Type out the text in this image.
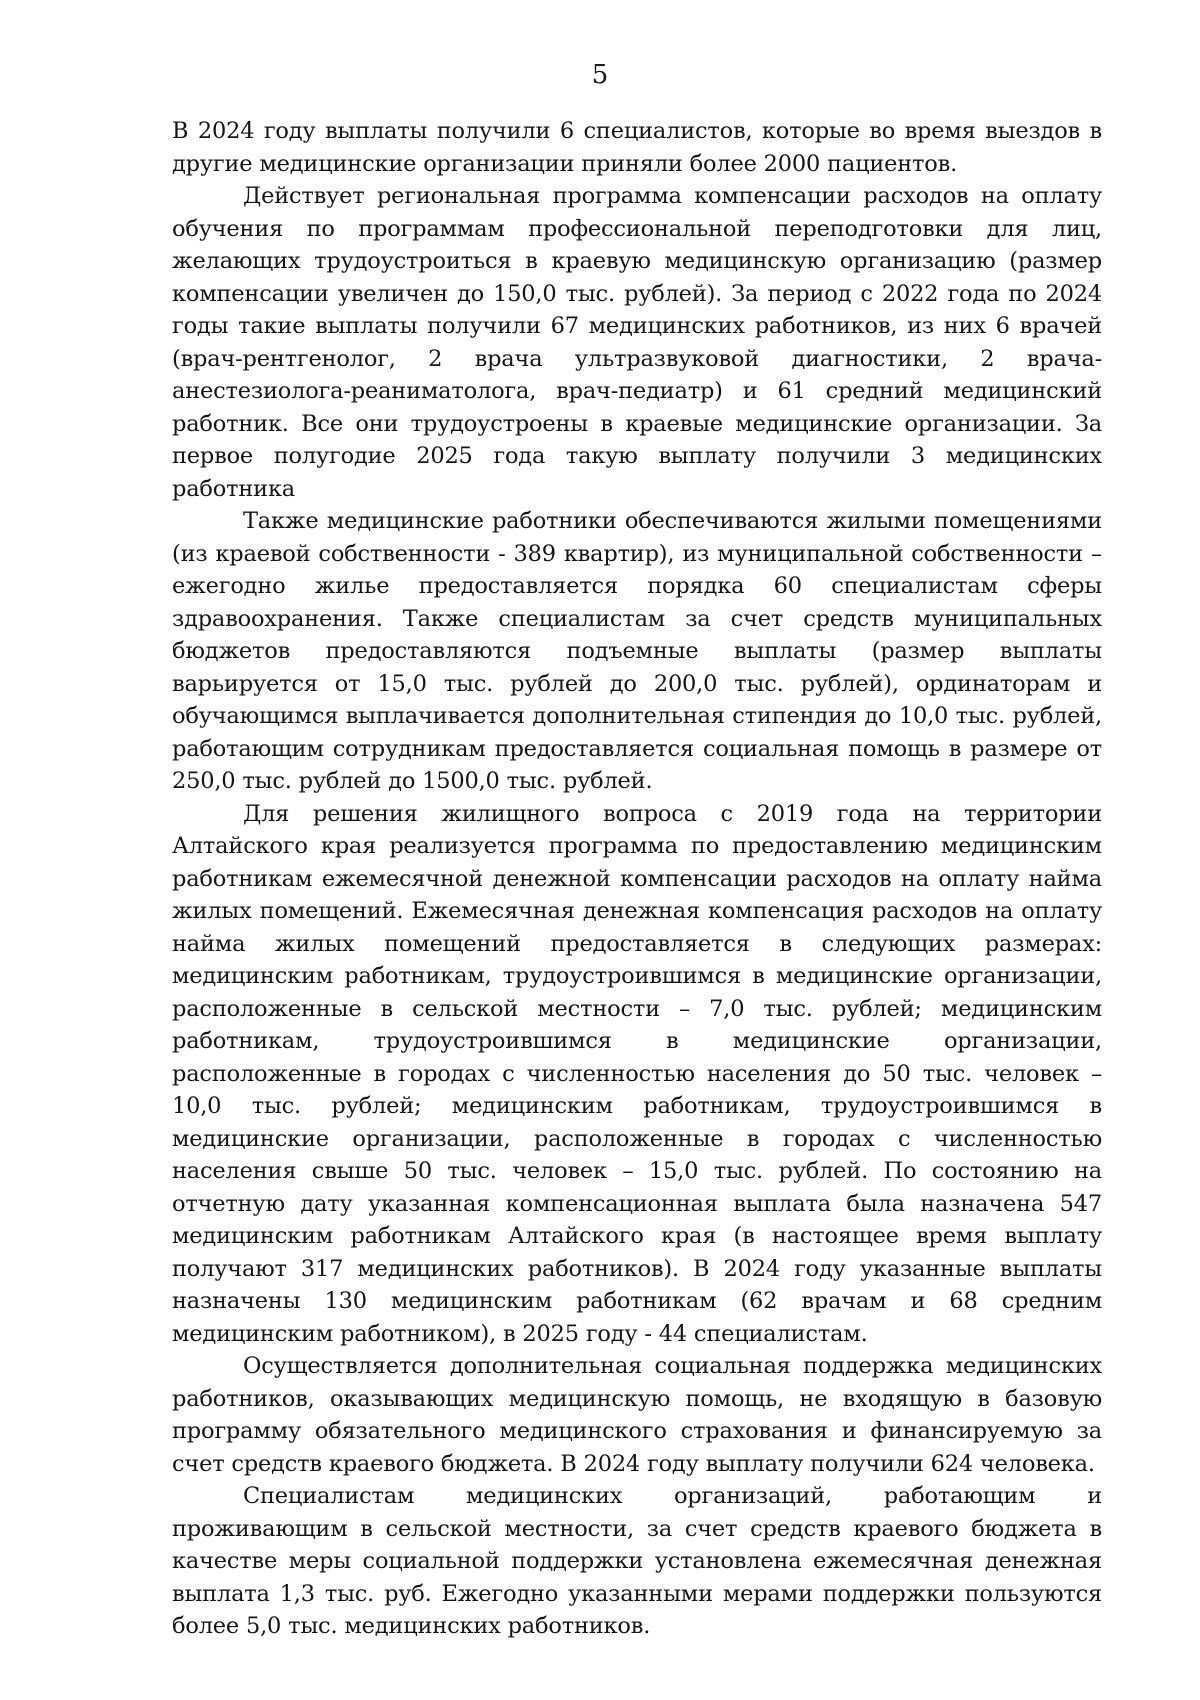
5

В 2024 году выплаты получили 6 специалистов, которые во время выездов в другие медицинские организации приняли более 2000 пациентов.

Действует региональная программа компенсации расходов на оплату обучения по программам профессиональной переподготовки для лиц, желающих трудоустроиться в краевую медицинскую организацию (размер компенсации увеличен до 150,0 тыс. рублей). За период с 2022 года по 2024 годы такие выплаты получили 67 медицинских работников, из них 6 врачей (врач-рентгенолог, 2 врача ультразвуковой диагностики, 2 врача-анестезиолога-реаниматолога, врач-педиатр) и 61 средний медицинский работник. Все они трудоустроены в краевые медицинские организации. За первое полугодие 2025 года такую выплату получили 3 медицинских работника

Также медицинские работники обеспечиваются жилыми помещениями (из краевой собственности - 389 квартир), из муниципальной собственности – ежегодно жилье предоставляется порядка 60 специалистам сферы здравоохранения. Также специалистам за счет средств муниципальных бюджетов предоставляются подъемные выплаты (размер выплаты варьируется от 15,0 тыс. рублей до 200,0 тыс. рублей), ординаторам и обучающимся выплачивается дополнительная стипендия до 10,0 тыс. рублей, работающим сотрудникам предоставляется социальная помощь в размере от 250,0 тыс. рублей до 1500,0 тыс. рублей.

Для решения жилищного вопроса с 2019 года на территории Алтайского края реализуется программа по предоставлению медицинским работникам ежемесячной денежной компенсации расходов на оплату найма жилых помещений. Ежемесячная денежная компенсация расходов на оплату найма жилых помещений предоставляется в следующих размерах: медицинским работникам, трудоустроившимся в медицинские организации, расположенные в сельской местности – 7,0 тыс. рублей; медицинским работникам, трудоустроившимся в медицинские организации, расположенные в городах с численностью населения до 50 тыс. человек – 10,0 тыс. рублей; медицинским работникам, трудоустроившимся в медицинские организации, расположенные в городах с численностью населения свыше 50 тыс. человек – 15,0 тыс. рублей. По состоянию на отчетную дату указанная компенсационная выплата была назначена 547 медицинским работникам Алтайского края (в настоящее время выплату получают 317 медицинских работников). В 2024 году указанные выплаты назначены 130 медицинским работникам (62 врачам и 68 средним медицинским работником), в 2025 году - 44 специалистам.

Осуществляется дополнительная социальная поддержка медицинских работников, оказывающих медицинскую помощь, не входящую в базовую программу обязательного медицинского страхования и финансируемую за счет средств краевого бюджета. В 2024 году выплату получили 624 человека.

Специалистам медицинских организаций, работающим и проживающим в сельской местности, за счет средств краевого бюджета в качестве меры социальной поддержки установлена ежемесячная денежная выплата 1,3 тыс. руб. Ежегодно указанными мерами поддержки пользуются более 5,0 тыс. медицинских работников.
